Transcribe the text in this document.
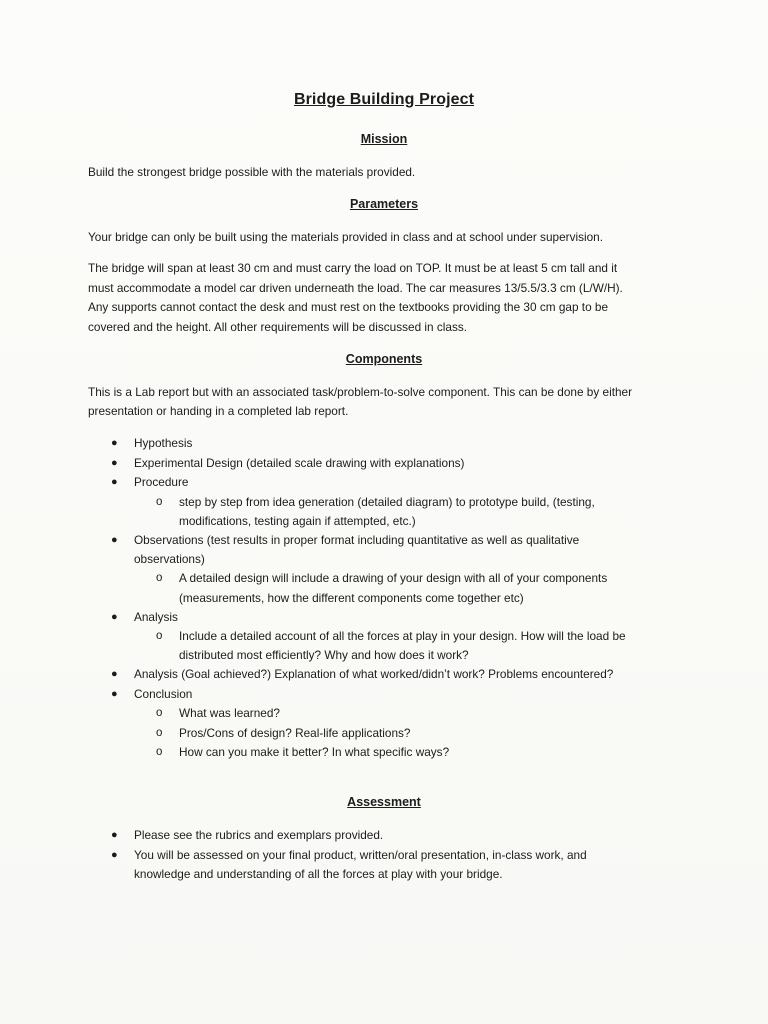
Bridge Building Project
Mission
Build the strongest bridge possible with the materials provided.
Parameters
Your bridge can only be built using the materials provided in class and at school under supervision.
The bridge will span at least 30 cm and must carry the load on TOP. It must be at least 5 cm tall and it
must accommodate a model car driven underneath the load. The car measures 13/5.5/3.3 cm (L/W/H).
Any supports cannot contact the desk and must rest on the textbooks providing the 30 cm gap to be
covered and the height. All other requirements will be discussed in class.
Components
This is a Lab report but with an associated task/problem-to-solve component. This can be done by either
presentation or handing in a completed lab report.
● Hypothesis
● Experimental Design (detailed scale drawing with explanations)
● Procedure
o step by step from idea generation (detailed diagram) to prototype build, (testing,
modifications, testing again if attempted, etc.)
● Observations (test results in proper format including quantitative as well as qualitative
observations)
o A detailed design will include a drawing of your design with all of your components
(measurements, how the different components come together etc)
● Analysis
o Include a detailed account of all the forces at play in your design. How will the load be
distributed most efficiently? Why and how does it work?
● Analysis (Goal achieved?) Explanation of what worked/didn’t work? Problems encountered?
● Conclusion
o What was learned?
o Pros/Cons of design? Real-life applications?
o How can you make it better? In what specific ways?
Assessment
● Please see the rubrics and exemplars provided.
● You will be assessed on your final product, written/oral presentation, in-class work, and
knowledge and understanding of all the forces at play with your bridge.
